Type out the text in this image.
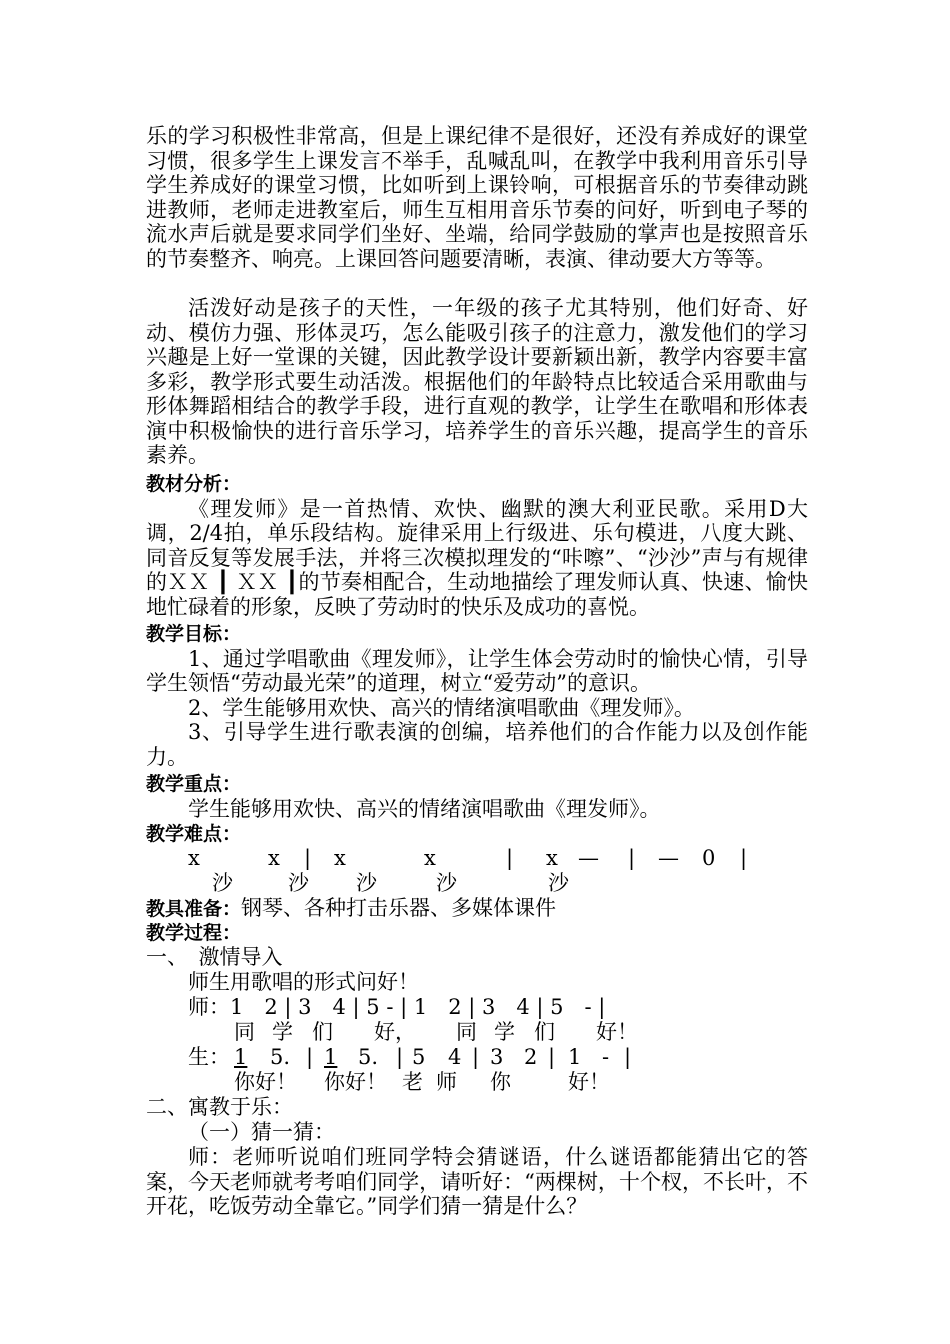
乐的学习积极性非常高，但是上课纪律不是很好，还没有养成好的课堂习惯，很多学生上课发言不举手，乱喊乱叫，在教学中我利用音乐引导学生养成好的课堂习惯，比如听到上课铃响，可根据音乐的节奏律动跳进教师，老师走进教室后，师生互相用音乐节奏的问好，听到电子琴的流水声后就是要求同学们坐好、坐端，给同学鼓励的掌声也是按照音乐的节奏整齐、响亮。上课回答问题要清晰，表演、律动要大方等等。

活泼好动是孩子的天性，一年级的孩子尤其特别，他们好奇、好动、模仿力强、形体灵巧，怎么能吸引孩子的注意力，激发他们的学习兴趣是上好一堂课的关键，因此教学设计要新颖出新，教学内容要丰富多彩，教学形式要生动活泼。根据他们的年龄特点比较适合采用歌曲与形体舞蹈相结合的教学手段，进行直观的教学，让学生在歌唱和形体表演中积极愉快的进行音乐学习，培养学生的音乐兴趣，提高学生的音乐素养。

教材分析：

《理发师》是一首热情、欢快、幽默的澳大利亚民歌。采用D大调，2/4拍，单乐段结构。旋律采用上行级进、乐句模进，八度大跳、同音反复等发展手法，并将三次模拟理发的“咔嚓”、“沙沙”声与有规律的ＸＸ ┃ ＸＸ ┃的节奏相配合，生动地描绘了理发师认真、快速、愉快地忙碌着的形象，反映了劳动时的快乐及成功的喜悦。

教学目标：

1、通过学唱歌曲《理发师》，让学生体会劳动时的愉快心情，引导学生领悟“劳动最光荣”的道理，树立“爱劳动”的意识。

2、学生能够用欢快、高兴的情绪演唱歌曲《理发师》。

3、引导学生进行歌表演的创编，培养他们的合作能力以及创作能力。

教学重点：

学生能够用欢快、高兴的情绪演唱歌曲《理发师》。

教学难点：

x	x | x	x	| x — | — 0 |
沙	沙 沙	沙	沙

教具准备：钢琴、各种打击乐器、多媒体课件

教学过程：

一、　激情导入
师生用歌唱的形式问好！
师：1　2 | 3　4 | 5 - | 1　2 | 3　4 | 5　- |
同 学 们 好， 同 学 们 好！
生： 1 5. | 1 5. | 5 4 | 3 2 | 1 - |
你好！ 你好！ 老 师 你	好！
二、寓教于乐：
（一）猜一猜：

师：老师听说咱们班同学特会猜谜语，什么谜语都能猜出它的答案，今天老师就考考咱们同学，请听好：“两棵树，十个杈，不长叶，不开花，吃饭劳动全靠它。”同学们猜一猜是什么？
